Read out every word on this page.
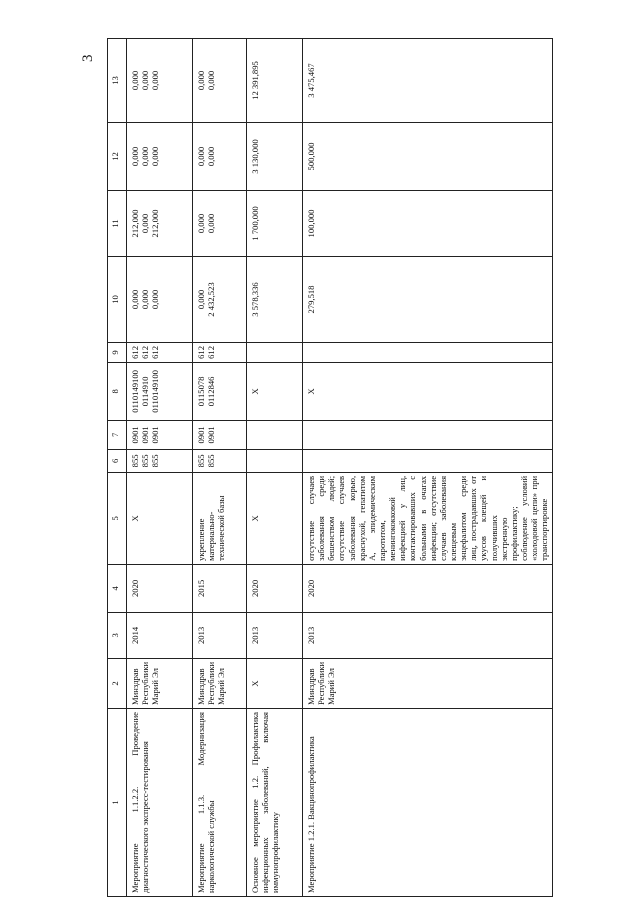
3
1	2	3	4	5	6	7	8	9	10	11	12	13
Мероприятие 1.1.2.2. Проведение диагностического экспресс-тестирования	Минздрав Республики Марий Эл	2014	2020	X	855 855 855	0901 0901 0901	0110149100 0114910 0110149100	612 612 612	0,000 0,000 0,000	212,000 0,000 212,000	0,000 0,000 0,000	0,000 0,000 0,000

Мероприятие 1.1.3. Модернизация наркологической службы	Минздрав Республики Марий Эл	2013	2015	укрепление материально-технической базы	855 855	0901 0901	0115078 0112846	612 612	0,000 2 432,523	0,000 0,000	0,000 0,000	0,000 0,000

Основное мероприятие 1.2. Профилактика инфекционных заболеваний, включая иммунопрофилактику	X	2013	2020	X			X		3 578,336	1 700,000	3 130,000	12 391,895

Мероприятие 1.2.1. Вакцинопрофилактика	Минздрав Республики Марий Эл	2013	2020	отсутствие случаев заболевания среди бешенством людей; отсутствие случаев заболевания корью, краснухой, гепатитом А, эпидемическим паротитом, менингококковой инфекцией у лиц, контактировавших с больными в очагах инфекции; отсутствие случаев заболевания клещевым энцефалитом среди лиц, пострадавших от укусов клещей и получивших экстренную профилактику; соблюдение условий «холодовой цепи» при транспортировке			X		279,518	100,000	500,000	3 475,467
